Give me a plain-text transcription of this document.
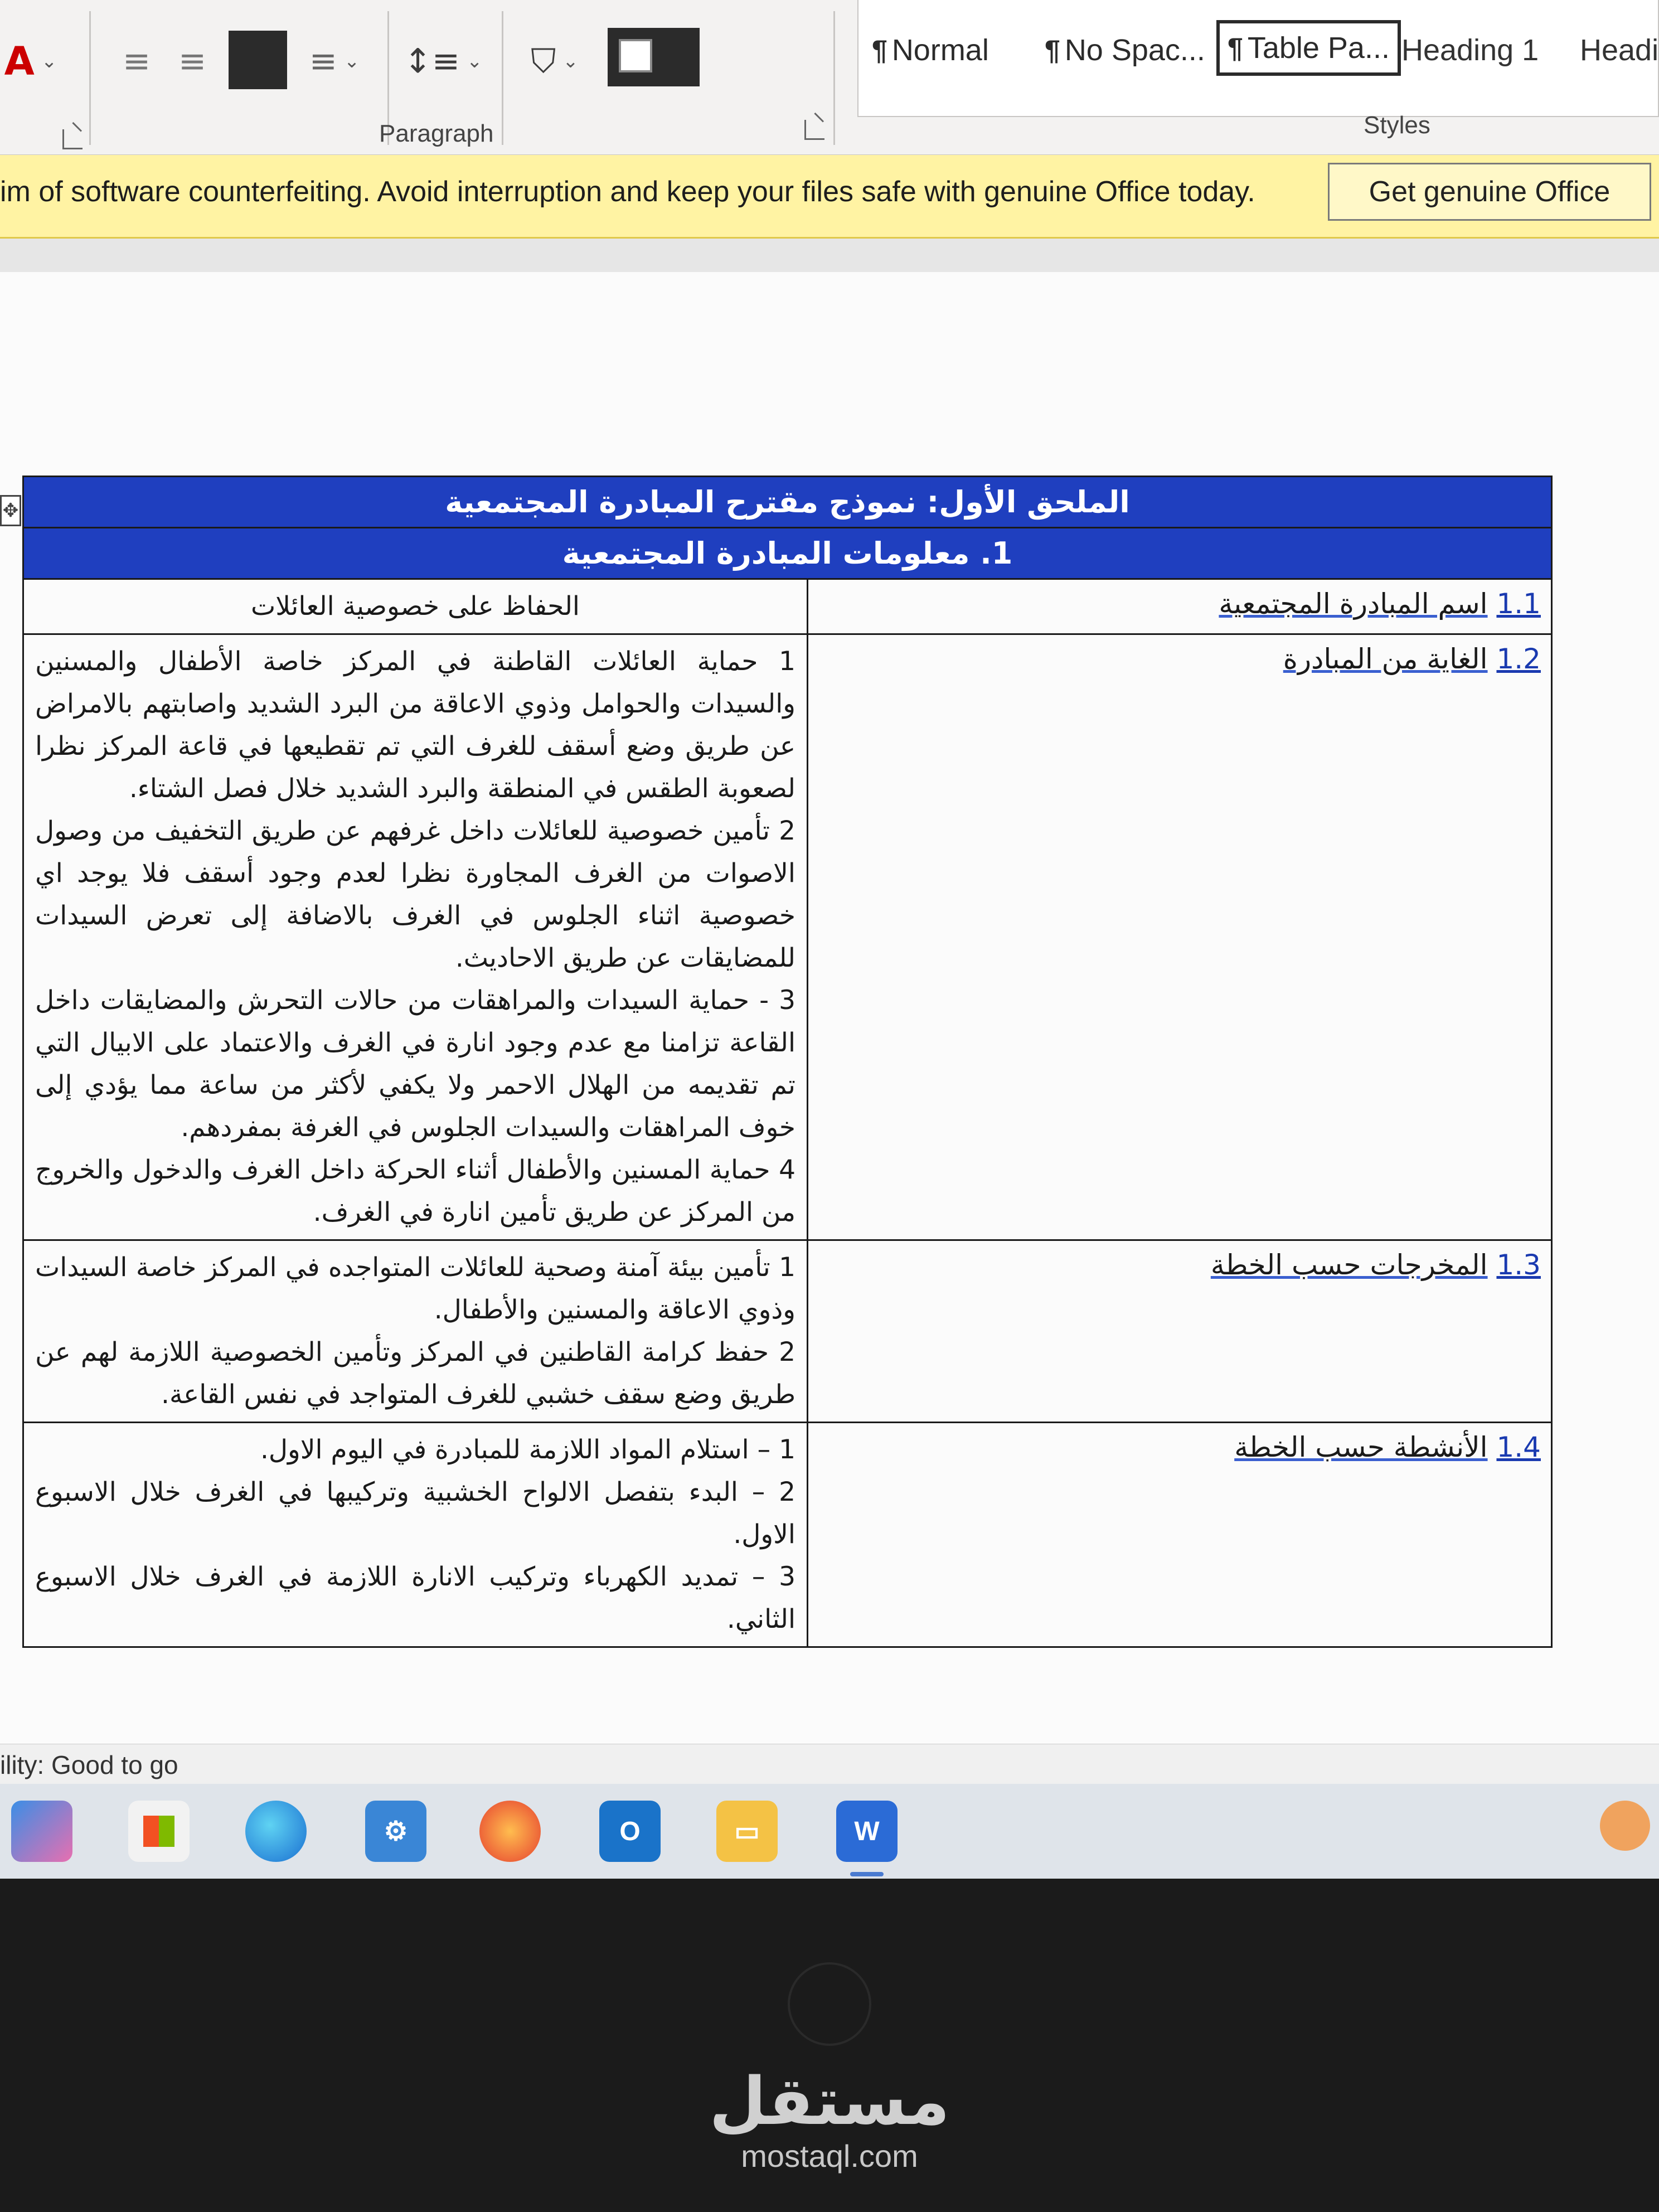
A ⌄ ≡ ≡	≡ ⌄ ↕≡ ⌄ ⛉ ⌄
Paragraph
¶ Normal ¶ No Spac... ¶ Table Pa... Heading 1 Headi
Styles
im of software counterfeiting. Avoid interruption and keep your files safe with genuine Office today.	Get genuine Office
✥	الملحق الأول: نموذج مقترح المبادرة المجتمعية	
1. معلومات المبادرة المجتمعية	
1.1 اسم المبادرة المجتمعية	الحفاظ على خصوصية العائلات

1.2 الغاية من المبادرة	1 حماية العائلات القاطنة في المركز خاصة الأطفال والمسنين والسيدات والحوامل وذوي الاعاقة من البرد الشديد واصابتهم بالامراض عن طريق وضع أسقف للغرف التي تم تقطيعها في قاعة المركز نظرا لصعوبة الطقس في المنطقة والبرد الشديد خلال فصل الشتاء.

2 تأمين خصوصية للعائلات داخل غرفهم عن طريق التخفيف من وصول الاصوات من الغرف المجاورة نظرا لعدم وجود أسقف فلا يوجد اي خصوصية اثناء الجلوس في الغرف بالاضافة إلى تعرض السيدات للمضايقات عن طريق الاحاديث.

3 - حماية السيدات والمراهقات من حالات التحرش والمضايقات داخل القاعة تزامنا مع عدم وجود انارة في الغرف والاعتماد على الابيال التي تم تقديمه من الهلال الاحمر ولا يكفي لأكثر من ساعة مما يؤدي إلى خوف المراهقات والسيدات الجلوس في الغرفة بمفردهم.

4 حماية المسنين والأطفال أثناء الحركة داخل الغرف والدخول والخروج من المركز عن طريق تأمين انارة في الغرف.

1.3 المخرجات حسب الخطة	1 تأمين بيئة آمنة وصحية للعائلات المتواجده في المركز خاصة السيدات وذوي الاعاقة والمسنين والأطفال.

2 حفظ كرامة القاطنين في المركز وتأمين الخصوصية اللازمة لهم عن طريق وضع سقف خشبي للغرف المتواجد في نفس القاعة.

1.4 الأنشطة حسب الخطة	1 – استلام المواد اللازمة للمبادرة في اليوم الاول.

2 – البدء بتفصل الالواح الخشبية وتركيبها في الغرف خلال الاسبوع الاول.

3 – تمديد الكهرباء وتركيب الانارة اللازمة في الغرف خلال الاسبوع الثاني.

ility: Good to go
⚙	O	▭	W
مستقل
mostaql.com
